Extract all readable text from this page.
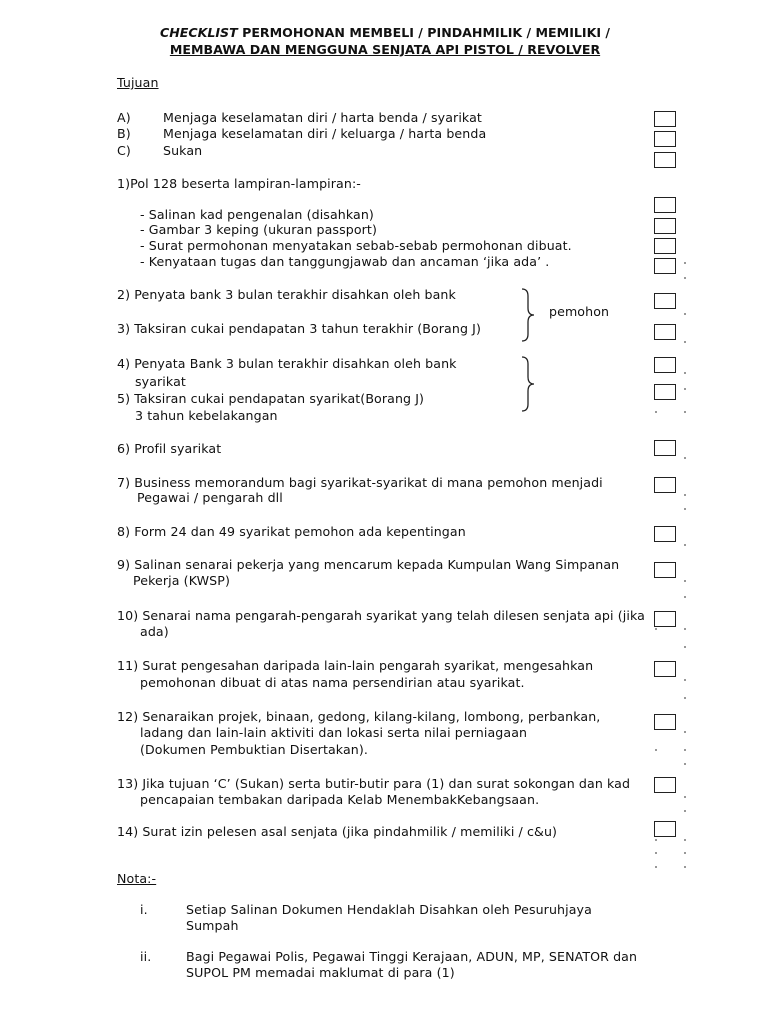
CHECKLIST PERMOHONAN MEMBELI / PINDAHMILIK / MEMILIKI /
MEMBAWA DAN MENGGUNA SENJATA API PISTOL / REVOLVER
Tujuan
A)	Menjaga keselamatan diri / harta benda / syarikat
B)	Menjaga keselamatan diri / keluarga / harta benda
C)	Sukan
1)Pol 128 beserta lampiran-lampiran:-
- Salinan kad pengenalan (disahkan)
- Gambar 3 keping (ukuran passport)
- Surat permohonan menyatakan sebab-sebab permohonan dibuat.
- Kenyataan tugas dan tanggungjawab dan ancaman ‘jika ada’ .
2) Penyata bank 3 bulan terakhir disahkan oleh bank
3) Taksiran cukai pendapatan 3 tahun terakhir (Borang J)
pemohon
4) Penyata Bank 3 bulan terakhir disahkan oleh bank
syarikat
5) Taksiran cukai pendapatan syarikat(Borang J)
3 tahun kebelakangan
6) Profil syarikat
7) Business memorandum bagi syarikat-syarikat di mana pemohon menjadi
Pegawai / pengarah dll
8) Form 24 dan 49 syarikat pemohon ada kepentingan
9) Salinan senarai pekerja yang mencarum kepada Kumpulan Wang Simpanan
Pekerja (KWSP)
10) Senarai nama pengarah-pengarah syarikat yang telah dilesen senjata api (jika
ada)
11) Surat pengesahan daripada lain-lain pengarah syarikat, mengesahkan
pemohonan dibuat di atas nama persendirian atau syarikat.
12) Senaraikan projek, binaan, gedong, kilang-kilang, lombong, perbankan,
ladang dan lain-lain aktiviti dan lokasi serta nilai perniagaan
(Dokumen Pembuktian Disertakan).
13) Jika tujuan ‘C’ (Sukan) serta butir-butir para (1) dan surat sokongan dan kad
pencapaian tembakan daripada Kelab MenembakKebangsaan.
14) Surat izin pelesen asal senjata (jika pindahmilik / memiliki / c&u)
Nota:-
i.	Setiap Salinan Dokumen Hendaklah Disahkan oleh Pesuruhjaya
Sumpah
ii.	Bagi Pegawai Polis, Pegawai Tinggi Kerajaan, ADUN, MP, SENATOR dan
SUPOL PM memadai maklumat di para (1)
